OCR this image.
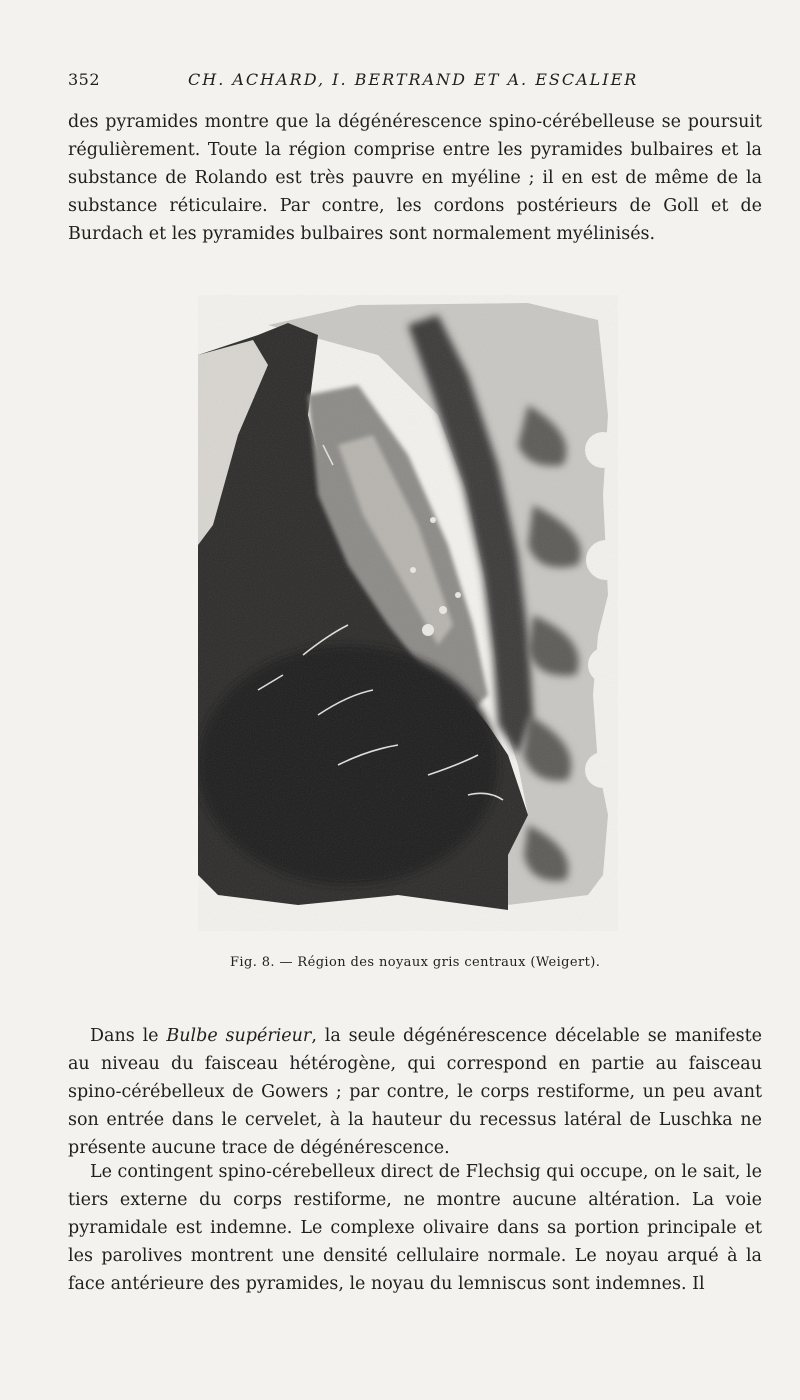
352	CH. ACHARD, I. BERTRAND ET A. ESCALIER

des pyramides montre que la dégénérescence spino-cérébelleuse se poursuit régulièrement. Toute la région comprise entre les pyramides bulbaires et la substance de Rolando est très pauvre en myéline ; il en est de même de la substance réticulaire. Par contre, les cordons postérieurs de Goll et de Burdach et les pyramides bulbaires sont normalement myélinisés.

Fig. 8. — Région des noyaux gris centraux (Weigert).

Dans le Bulbe supérieur, la seule dégénérescence décelable se manifeste au niveau du faisceau hétérogène, qui correspond en partie au faisceau spino-cérébelleux de Gowers ; par contre, le corps restiforme, un peu avant son entrée dans le cervelet, à la hauteur du recessus latéral de Luschka ne présente aucune trace de dégénérescence.

Le contingent spino-cérebelleux direct de Flechsig qui occupe, on le sait, le tiers externe du corps restiforme, ne montre aucune altération. La voie pyramidale est indemne. Le complexe olivaire dans sa portion principale et les parolives montrent une densité cellulaire normale. Le noyau arqué à la face antérieure des pyramides, le noyau du lemniscus sont indemnes. Il
